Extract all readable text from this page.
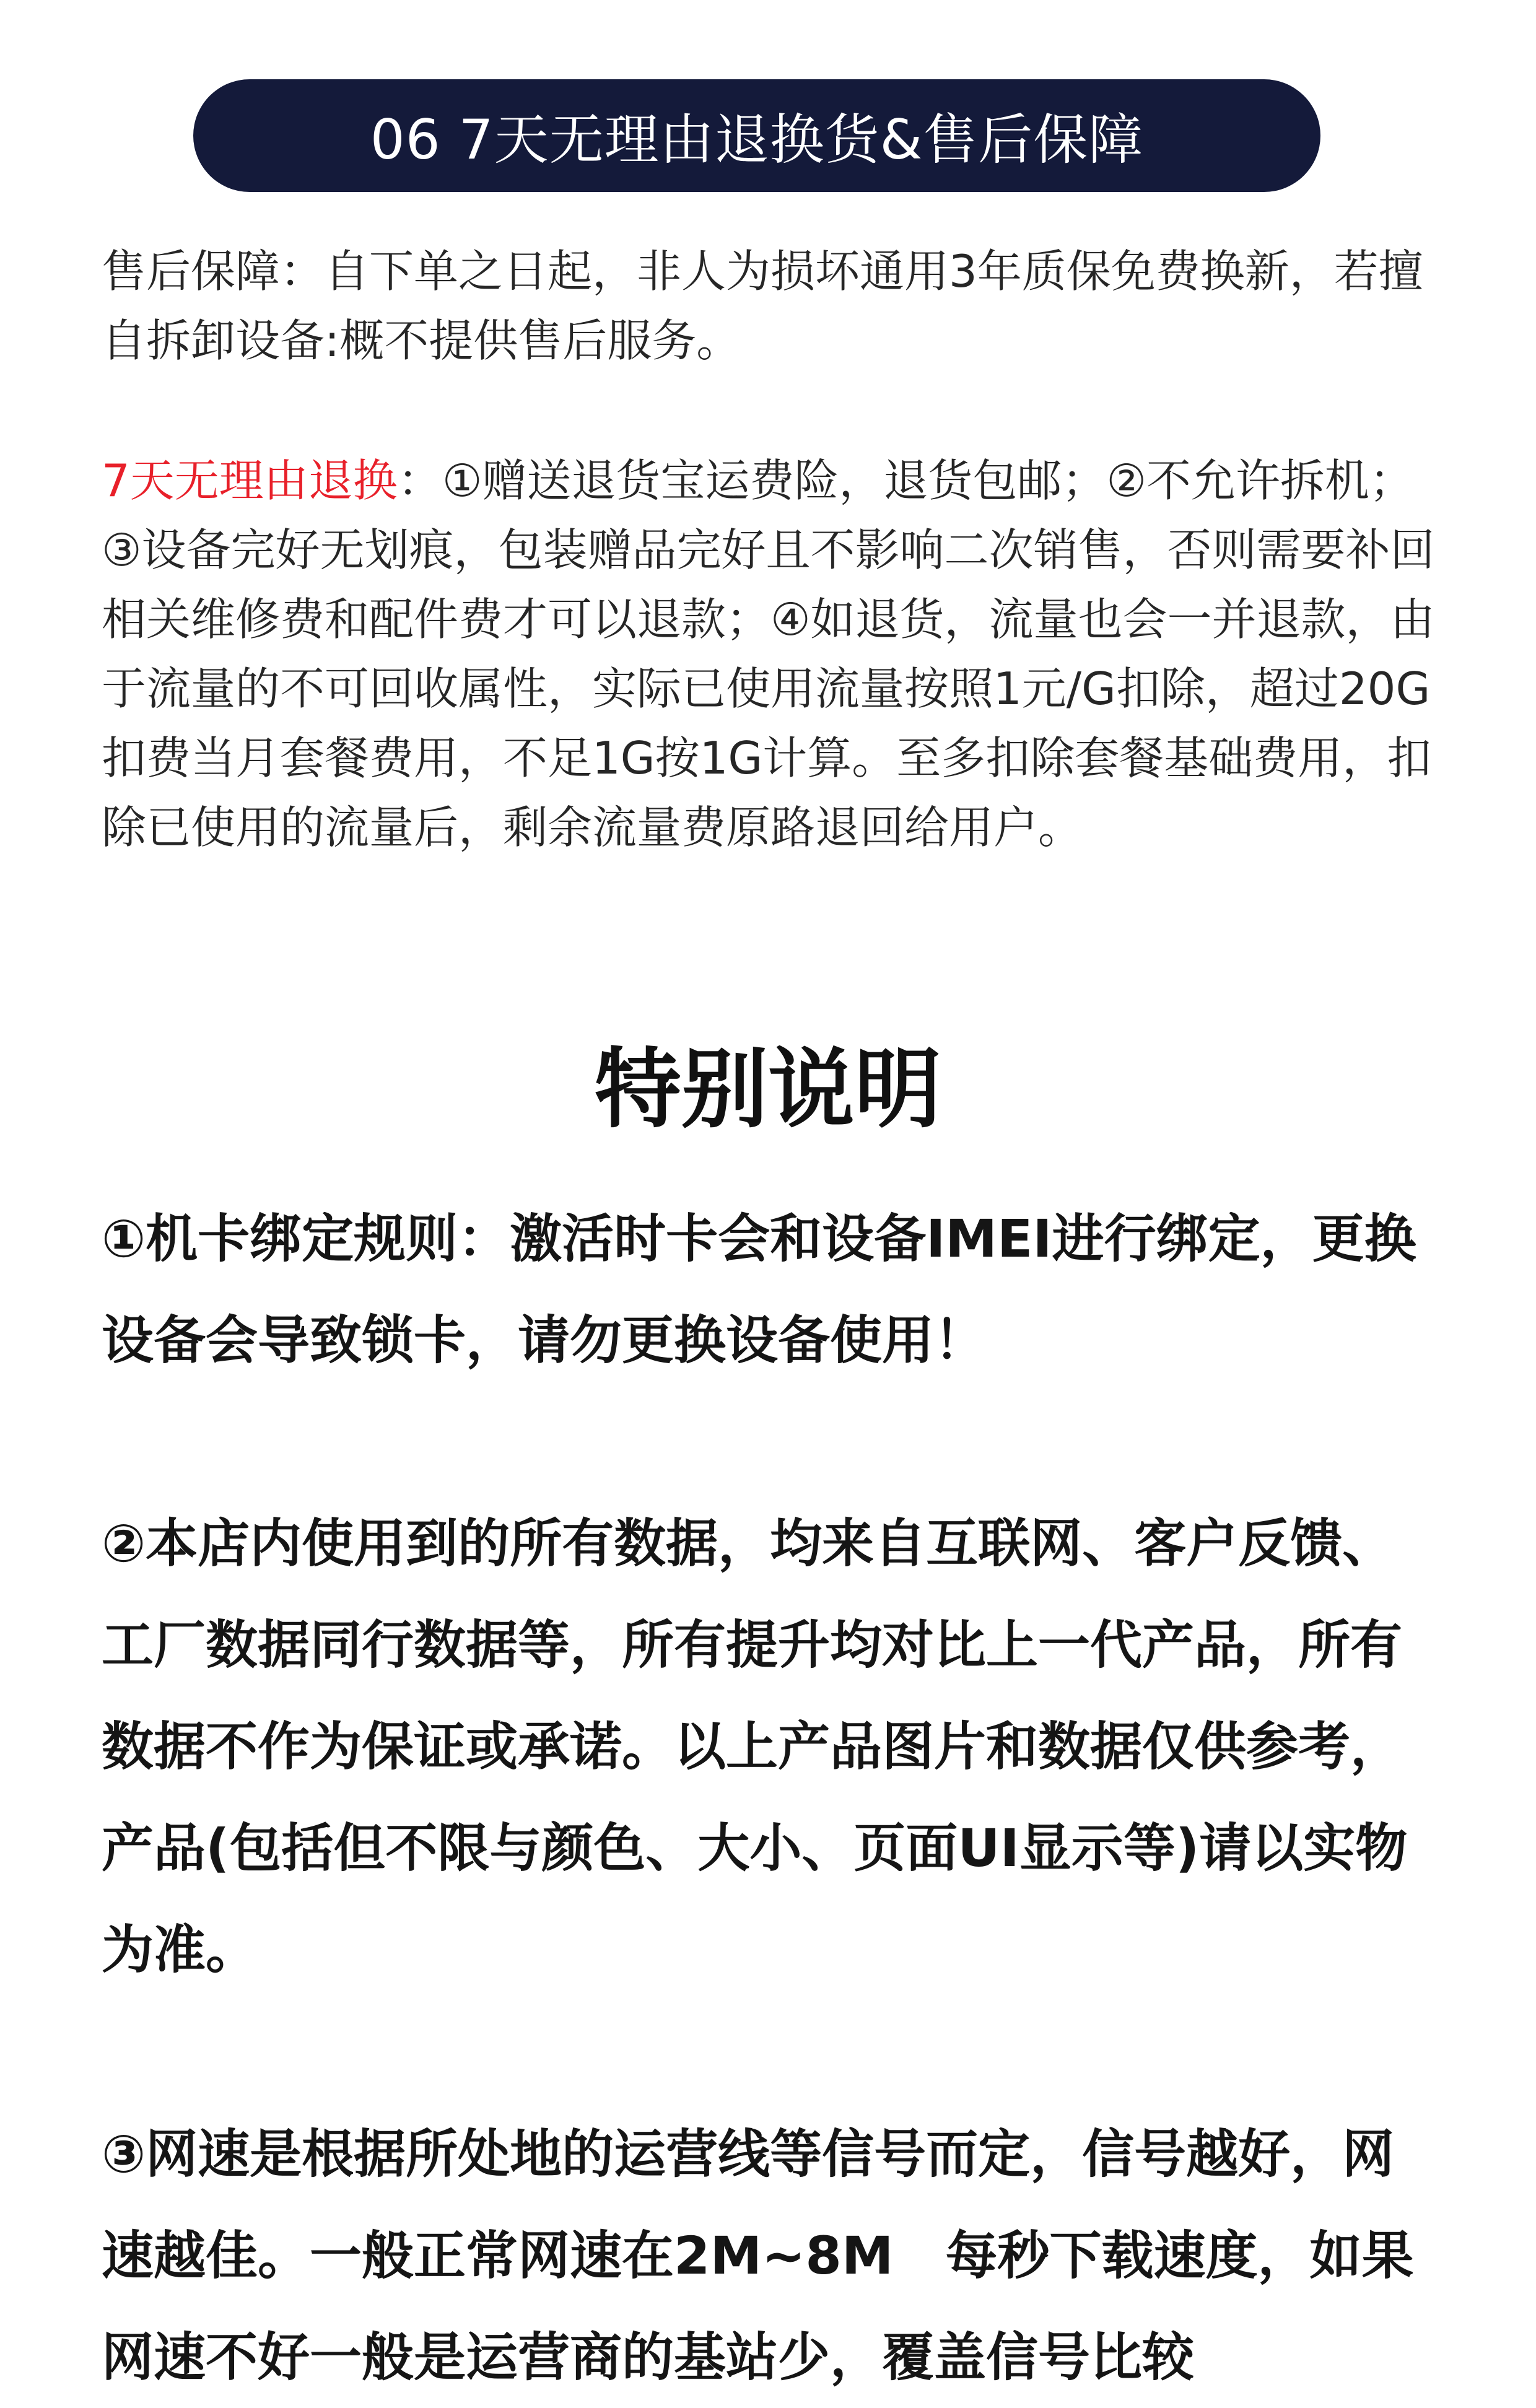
06 7天无理由退换货&售后保障

售后保障：自下单之日起，非人为损坏通用3年质保免费换新，若擅自拆卸设备:概不提供售后服务。

7天无理由退换：①赠送退货宝运费险，退货包邮；②不允许拆机；③设备完好无划痕，包装赠品完好且不影响二次销售，否则需要补回相关维修费和配件费才可以退款；④如退货，流量也会一并退款，由于流量的不可回收属性，实际已使用流量按照1元/G扣除，超过20G扣费当月套餐费用，不足1G按1G计算。至多扣除套餐基础费用，扣除已使用的流量后，剩余流量费原路退回给用户。

特别说明

①机卡绑定规则：激活时卡会和设备IMEI进行绑定，更换设备会导致锁卡，请勿更换设备使用！

②本店内使用到的所有数据，均来自互联网、客户反馈、工厂数据同行数据等，所有提升均对比上一代产品，所有数据不作为保证或承诺。以上产品图片和数据仅供参考，产品(包括但不限与颜色、大小、页面UI显示等)请以实物为准。

③网速是根据所处地的运营线等信号而定，信号越好，网速越佳。一般正常网速在2M~8M　每秒下载速度，如果网速不好一般是运营商的基站少，覆盖信号比较
